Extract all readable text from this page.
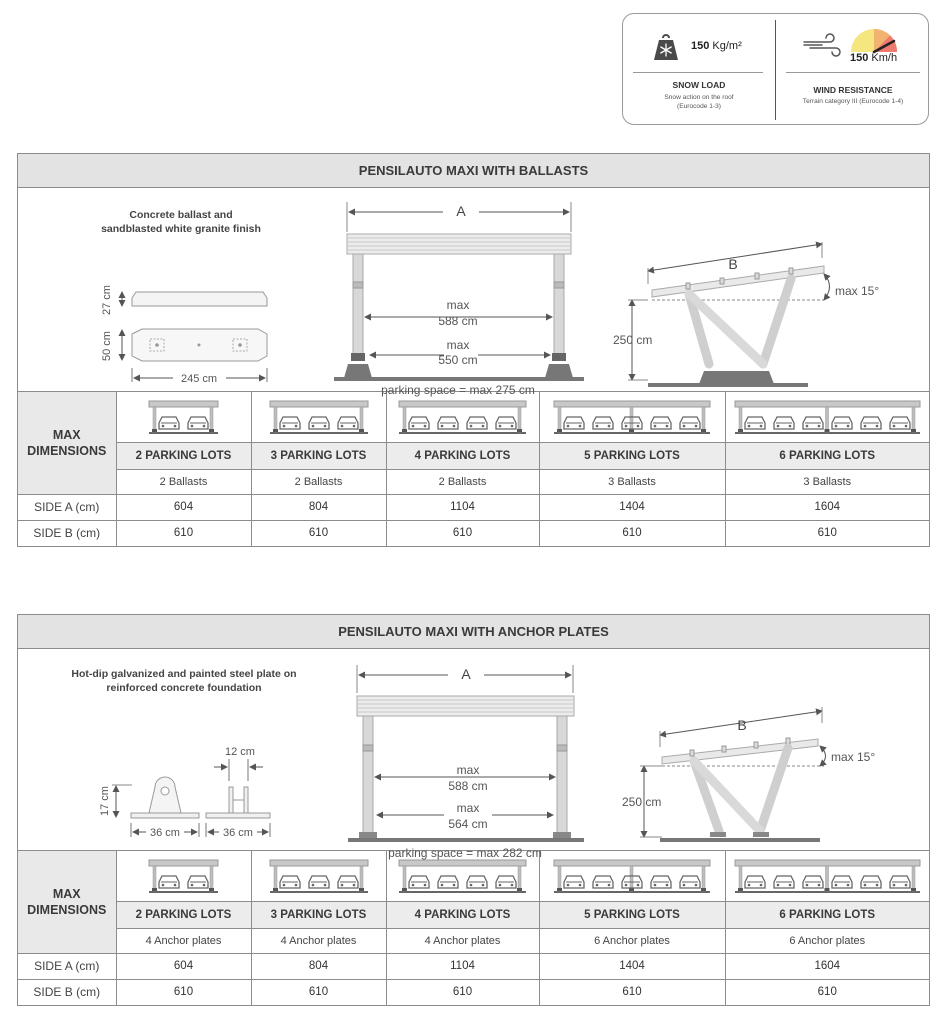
150 Kg/m²
SNOW LOAD
Snow action on the roof
(Eurocode 1-3)
150 Km/h
WIND RESISTANCE
Terrain category III (Eurocode 1-4)
PENSILAUTO MAXI WITH BALLASTS
Concrete ballast and
sandblasted white granite finish
27 cm
50 cm
245 cm
A
max
588 cm
max
550 cm
parking space = max 275 cm
B
250 cm
max 15°
MAX
DIMENSIONS	

	2 PARKING LOTS	3 PARKING LOTS	4 PARKING LOTS	5 PARKING LOTS	6 PARKING LOTS
	2 Ballasts	2 Ballasts	2 Ballasts	3 Ballasts	3 Ballasts
SIDE A (cm)	604	804	1104	1404	1604
SIDE B (cm)	610	610	610	610	610
PENSILAUTO MAXI WITH ANCHOR PLATES
Hot-dip galvanized and painted steel plate on
reinforced concrete foundation
17 cm
36 cm
12 cm
36 cm
A
max
588 cm
max
564 cm
parking space = max 282 cm
B
250 cm
max 15°
MAX
DIMENSIONS	

	2 PARKING LOTS	3 PARKING LOTS	4 PARKING LOTS	5 PARKING LOTS	6 PARKING LOTS
	4 Anchor plates	4 Anchor plates	4 Anchor plates	6 Anchor plates	6 Anchor plates
SIDE A (cm)	604	804	1104	1404	1604
SIDE B (cm)	610	610	610	610	610
